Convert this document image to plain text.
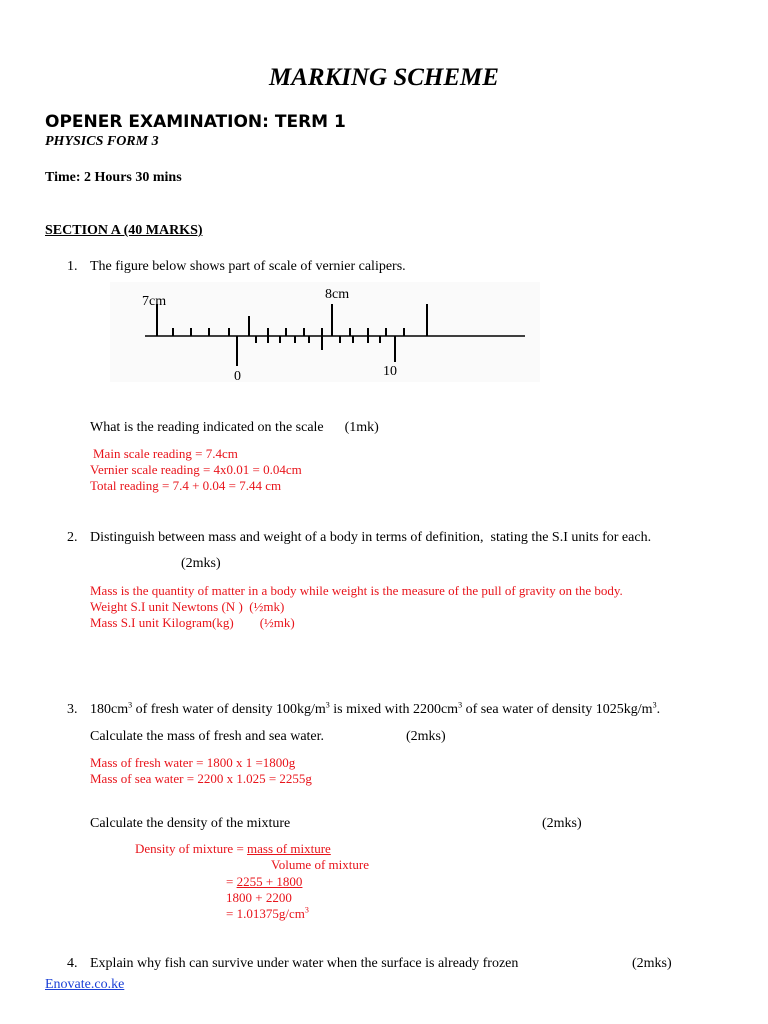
MARKING SCHEME
OPENER EXAMINATION: TERM 1
PHYSICS FORM 3
Time: 2 Hours 30 mins
SECTION A (40 MARKS)
1. The figure below shows part of scale of vernier calipers.
7cm	8cm
0	10
What is the reading indicated on the scale      (1mk)
Main scale reading = 7.4cm
Vernier scale reading = 4x0.01 = 0.04cm
Total reading = 7.4 + 0.04 = 7.44 cm
2. Distinguish between mass and weight of a body in terms of definition,  stating the S.I units for each.
(2mks)
Mass is the quantity of matter in a body while weight is the measure of the pull of gravity on the body.
Weight S.I unit Newtons (N )  (½mk)
Mass S.I unit Kilogram(kg)        (½mk)
3. $180cm^3$ of fresh water of density $100kg/m^3$ is mixed with $2200cm^3$ of sea water of density $1025kg/m^3$.
Calculate the mass of fresh and sea water.	(2mks)
Mass of fresh water = 1800 x 1 =1800g
Mass of sea water = 2200 x 1.025 = 2255g
Calculate the density of the mixture	(2mks)
Density of mixture = mass of mixture
Volume of mixture
= 2255 + 1800
1800 + 2200
= $1.01375g/cm^3$
4. Explain why fish can survive under water when the surface is already frozen	(2mks)
Enovate.co.ke
